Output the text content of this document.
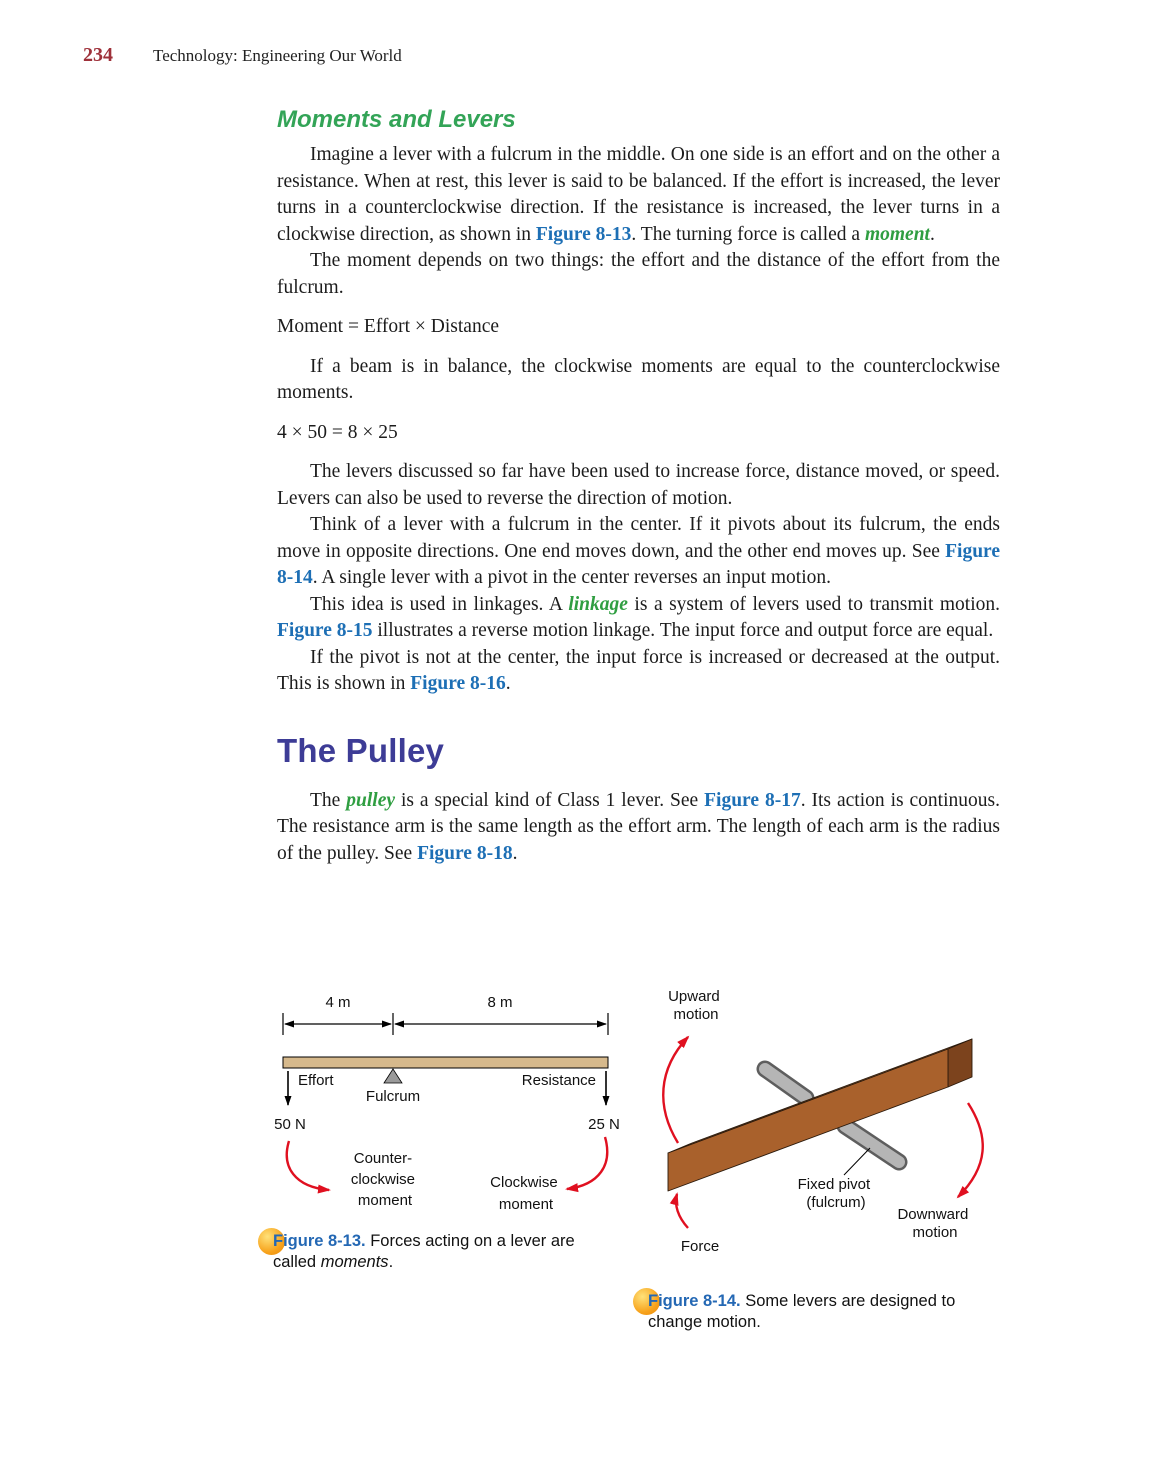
234 Technology: Engineering Our World
Moments and Levers

Imagine a lever with a fulcrum in the middle. On one side is an effort and on the other a resistance. When at rest, this lever is said to be balanced. If the effort is increased, the lever turns in a counterclockwise direction. If the resistance is increased, the lever turns in a clockwise direction, as shown in Figure 8-13. The turning force is called a moment.

The moment depends on two things: the effort and the distance of the effort from the fulcrum.

Moment = Effort × Distance

If a beam is in balance, the clockwise moments are equal to the counterclockwise moments.

4 × 50 = 8 × 25

The levers discussed so far have been used to increase force, distance moved, or speed. Levers can also be used to reverse the direction of motion.

Think of a lever with a fulcrum in the center. If it pivots about its fulcrum, the ends move in opposite directions. One end moves down, and the other end moves up. See Figure 8-14. A single lever with a pivot in the center reverses an input motion.

This idea is used in linkages. A linkage is a system of levers used to transmit motion. Figure 8-15 illustrates a reverse motion linkage. The input force and output force are equal.

If the pivot is not at the center, the input force is increased or decreased at the output. This is shown in Figure 8-16.

The Pulley

The pulley is a special kind of Class 1 lever. See Figure 8-17. Its action is continuous. The resistance arm is the same length as the effort arm. The length of each arm is the radius of the pulley. See Figure 8-18.

4 m	8 m
Fulcrum
Effort
50 N
Resistance
25 N
Counter- clockwise moment
Clockwise moment
Figure 8-13. Forces acting on a lever are called moments.
Upward motion
Fixed pivot (fulcrum)
Downward motion
Force
Figure 8-14. Some levers are designed to change motion.
